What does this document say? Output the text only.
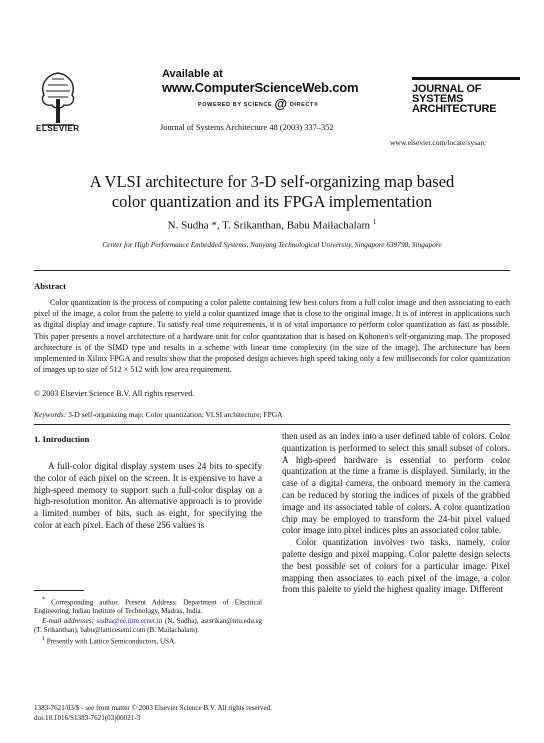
ELSEVIER
Available at
www.ComputerScienceWeb.com
POWERED BY SCIENCE @ DIRECT®
Journal of Systems Architecture 48 (2003) 337–352
JOURNAL OF
SYSTEMS
ARCHITECTURE
www.elsevier.com/locate/sysarc
A VLSI architecture for 3-D self-organizing map based
color quantization and its FPGA implementation
N. Sudha *, T. Srikanthan, Babu Mailachalam $^1$
Center for High Performance Embedded Systems, Nanyang Technological University, Singapore 639798, Singapore
Abstract
Color quantization is the process of computing a color palette containing few best colors from a full color image and then associating to each pixel of the image, a color from the palette to yield a color quantized image that is close to the original image. It is of interest in applications such as digital display and image capture. To satisfy real time requirements, it is of vital importance to perform color quantization as fast as possible. This paper presents a novel architecture of a hardware unit for color quantization that is based on Kohonen's self-organizing map. The proposed architecture is of the SIMD type and results in a scheme with linear time complexity (in the size of the image). The architecture has been implemented in Xilinx FPGA and results show that the proposed design achieves high speed taking only a few milliseconds for color quantization of images up to size of 512 × 512 with low area requirement.
© 2003 Elsevier Science B.V. All rights reserved.
Keywords: 3-D self-organizing map; Color quantization; VLSI architecture; FPGA
1. Introduction
A full-color digital display system uses 24 bits to specify the color of each pixel on the screen. It is expensive to have a high-speed memory to support such a full-color display on a high-resolution monitor. An alternative approach is to provide a limited number of bits, such as eight, for specifying the color at each pixel. Each of these 256 values is
* Corresponding author. Present Address: Department of Electrical Engineering, Indian Institute of Technology, Madras, India.
E-mail addresses: sudha@ee.iitm.ernet.in (N. Sudha), astsrikan@ntu.edu.sg (T. Srikanthan), babu@latticesemi.com (B. Mailachalam).
$^1$ Presently with Lattice Semiconductors, USA.
then used as an index into a user defined table of colors. Color quantization is performed to select this small subset of colors. A high-speed hardware is essential to perform color quantization at the time a frame is displayed. Similarly, in the case of a digital camera, the onboard memory in the camera can be reduced by storing the indices of pixels of the grabbed image and its associated table of colors. A color quantization chip may be employed to transform the 24-bit pixel valued color image into pixel indices plus an associated color table.
Color quantization involves two tasks, namely, color palette design and pixel mapping. Color palette design selects the best possible set of colors for a particular image. Pixel mapping then associates to each pixel of the image, a color from this palette to yield the highest quality image. Different
1383-7621/03/$ - see front matter © 2003 Elsevier Science B.V. All rights reserved.
doi:10.1016/S1383-7621(03)00021-3
